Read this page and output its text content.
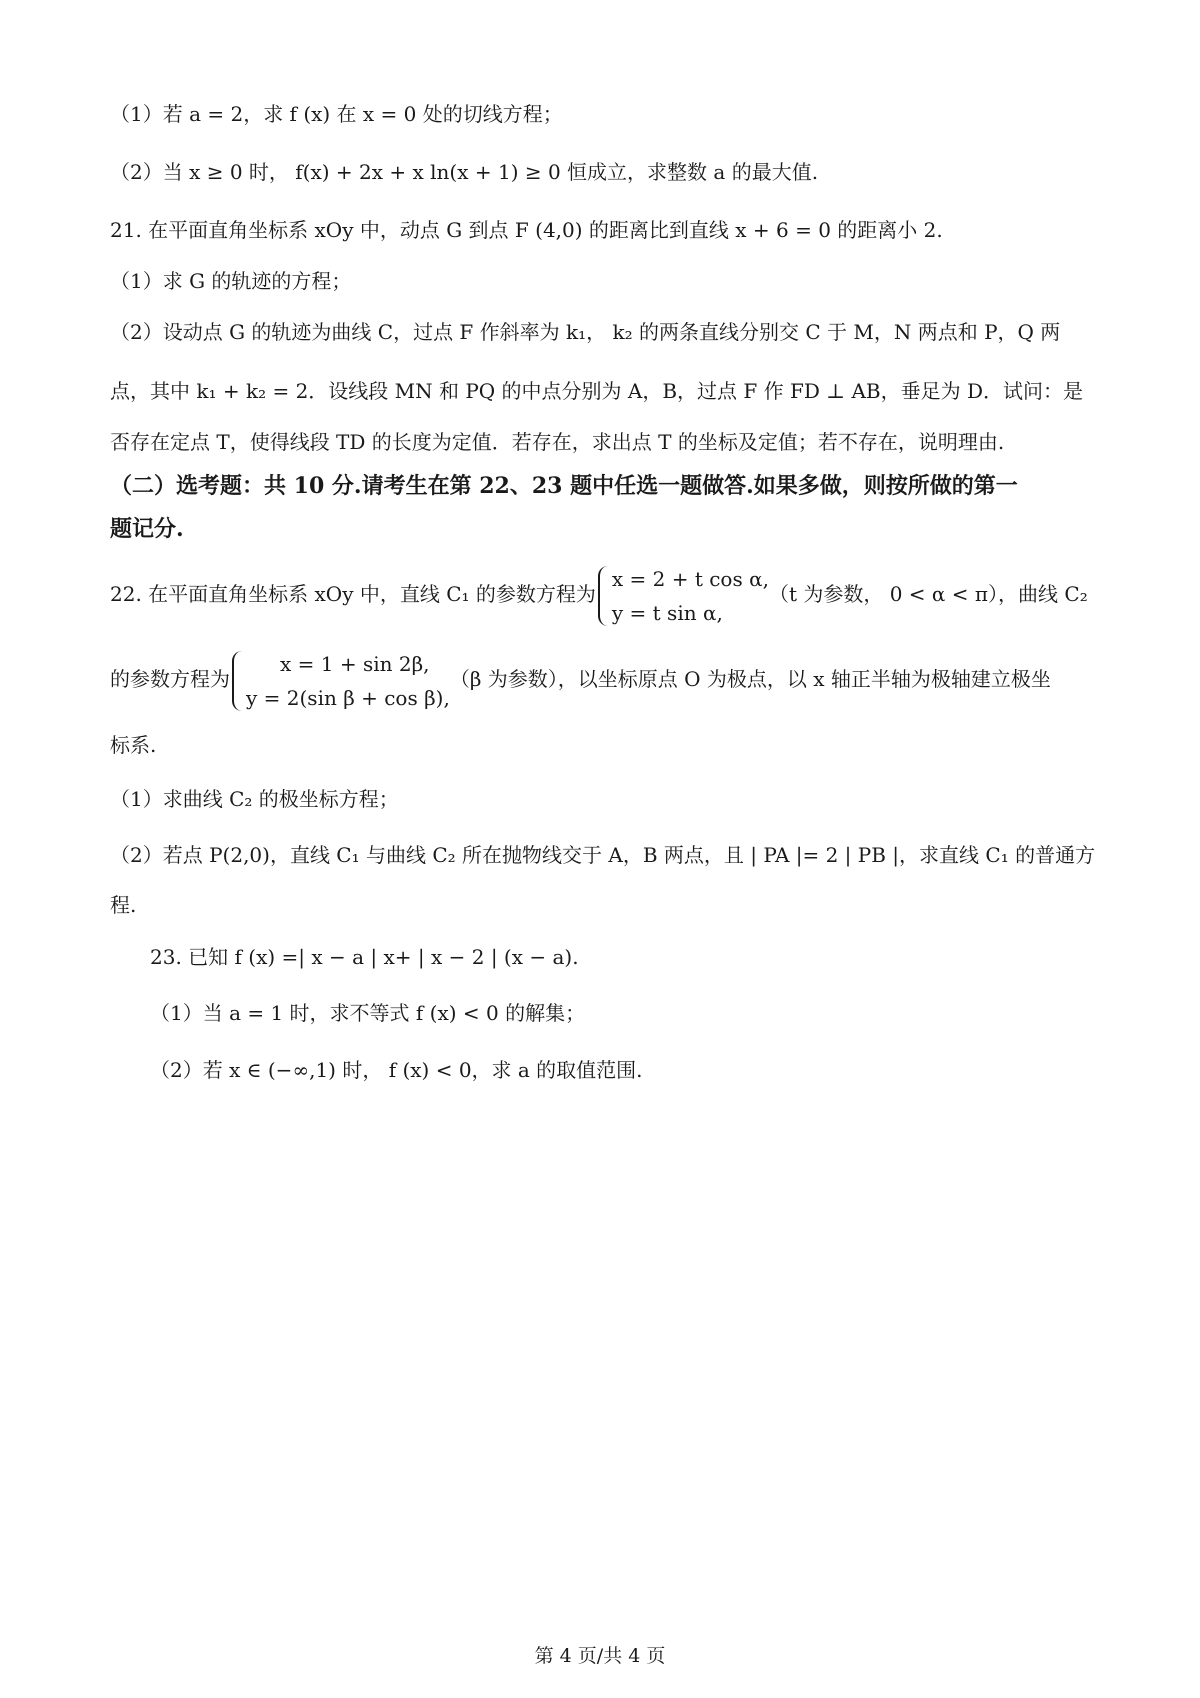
（1）若 a = 2，求 f (x) 在 x = 0 处的切线方程；
（2）当 x ≥ 0 时， f(x) + 2x + x ln(x + 1) ≥ 0 恒成立，求整数 a 的最大值.
21. 在平面直角坐标系 xOy 中，动点 G 到点 F (4,0) 的距离比到直线 x + 6 = 0 的距离小 2.
（1）求 G 的轨迹的方程；
（2）设动点 G 的轨迹为曲线 C，过点 F 作斜率为 k₁， k₂ 的两条直线分别交 C 于 M，N 两点和 P，Q 两
点，其中 k₁ + k₂ = 2．设线段 MN 和 PQ 的中点分别为 A，B，过点 F 作 FD ⊥ AB，垂足为 D．试问：是
否存在定点 T，使得线段 TD 的长度为定值．若存在，求出点 T 的坐标及定值；若不存在，说明理由.
（二）选考题：共 10 分.请考生在第 22、23 题中任选一题做答.如果多做，则按所做的第一
题记分.
22. 在平面直角坐标系 xOy 中，直线 C₁ 的参数方程为
x = 2 + t cos α,
y = t sin α,
（t 为参数， 0 < α < π），曲线 C₂
的参数方程为
x = 1 + sin 2β,
y = 2(sin β + cos β),
（β 为参数），以坐标原点 O 为极点，以 x 轴正半轴为极轴建立极坐
标系.
（1）求曲线 C₂ 的极坐标方程；
（2）若点 P(2,0)，直线 C₁ 与曲线 C₂ 所在抛物线交于 A，B 两点，且 | PA |= 2 | PB |，求直线 C₁ 的普通方
程.
23. 已知 f (x) =| x − a | x+ | x − 2 | (x − a).
（1）当 a = 1 时，求不等式 f (x) < 0 的解集；
（2）若 x ∈ (−∞,1) 时， f (x) < 0，求 a 的取值范围.
第 4 页/共 4 页
